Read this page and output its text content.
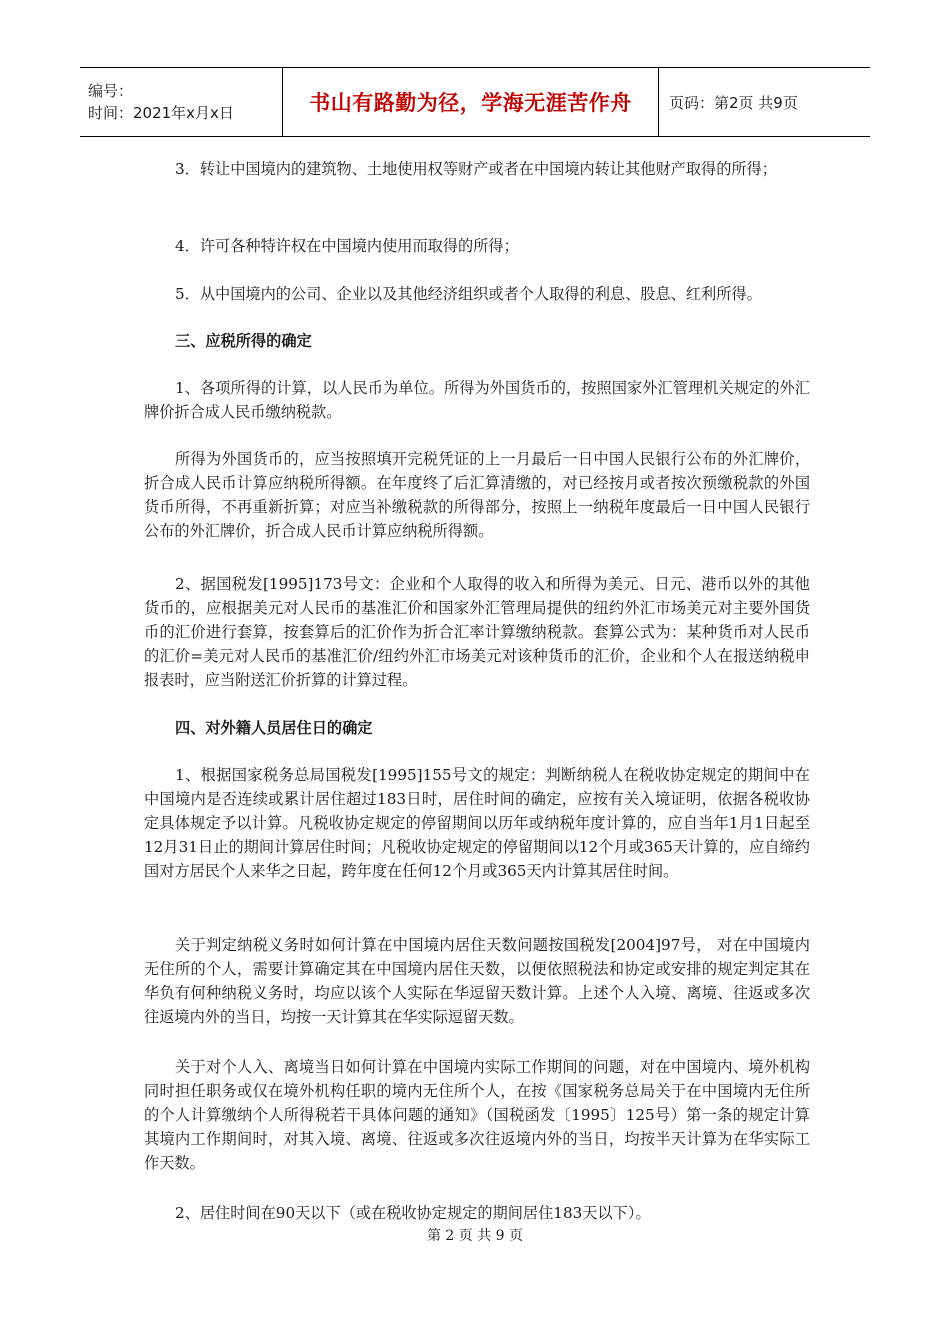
编号：
时间：2021年x月x日	书山有路勤为径，学海无涯苦作舟	页码：第2页 共9页

3．转让中国境内的建筑物、土地使用权等财产或者在中国境内转让其他财产取得的所得；

4．许可各种特许权在中国境内使用而取得的所得；

5．从中国境内的公司、企业以及其他经济组织或者个人取得的利息、股息、红利所得。

三、应税所得的确定

1、各项所得的计算，以人民币为单位。所得为外国货币的，按照国家外汇管理机关规定的外汇牌价折合成人民币缴纳税款。

所得为外国货币的，应当按照填开完税凭证的上一月最后一日中国人民银行公布的外汇牌价，折合成人民币计算应纳税所得额。在年度终了后汇算清缴的，对已经按月或者按次预缴税款的外国货币所得，不再重新折算；对应当补缴税款的所得部分，按照上一纳税年度最后一日中国人民银行公布的外汇牌价，折合成人民币计算应纳税所得额。

2、据国税发[1995]173号文：企业和个人取得的收入和所得为美元、日元、港币以外的其他货币的，应根据美元对人民币的基准汇价和国家外汇管理局提供的纽约外汇市场美元对主要外国货币的汇价进行套算，按套算后的汇价作为折合汇率计算缴纳税款。套算公式为：某种货币对人民币的汇价=美元对人民币的基准汇价/纽约外汇市场美元对该种货币的汇价，企业和个人在报送纳税申报表时，应当附送汇价折算的计算过程。

四、对外籍人员居住日的确定

1、根据国家税务总局国税发[1995]155号文的规定：判断纳税人在税收协定规定的期间中在中国境内是否连续或累计居住超过183日时，居住时间的确定，应按有关入境证明，依据各税收协定具体规定予以计算。凡税收协定规定的停留期间以历年或纳税年度计算的，应自当年1月1日起至12月31日止的期间计算居住时间；凡税收协定规定的停留期间以12个月或365天计算的，应自缔约国对方居民个人来华之日起，跨年度在任何12个月或365天内计算其居住时间。

关于判定纳税义务时如何计算在中国境内居住天数问题按国税发[2004]97号， 对在中国境内无住所的个人，需要计算确定其在中国境内居住天数，以便依照税法和协定或安排的规定判定其在华负有何种纳税义务时，均应以该个人实际在华逗留天数计算。上述个人入境、离境、往返或多次往返境内外的当日，均按一天计算其在华实际逗留天数。

关于对个人入、离境当日如何计算在中国境内实际工作期间的问题，对在中国境内、境外机构同时担任职务或仅在境外机构任职的境内无住所个人，在按《国家税务总局关于在中国境内无住所的个人计算缴纳个人所得税若干具体问题的通知》（国税函发〔1995〕125号）第一条的规定计算其境内工作期间时，对其入境、离境、往返或多次往返境内外的当日，均按半天计算为在华实际工作天数。

2、居住时间在90天以下（或在税收协定规定的期间居住183天以下）。

第 2 页 共 9 页
